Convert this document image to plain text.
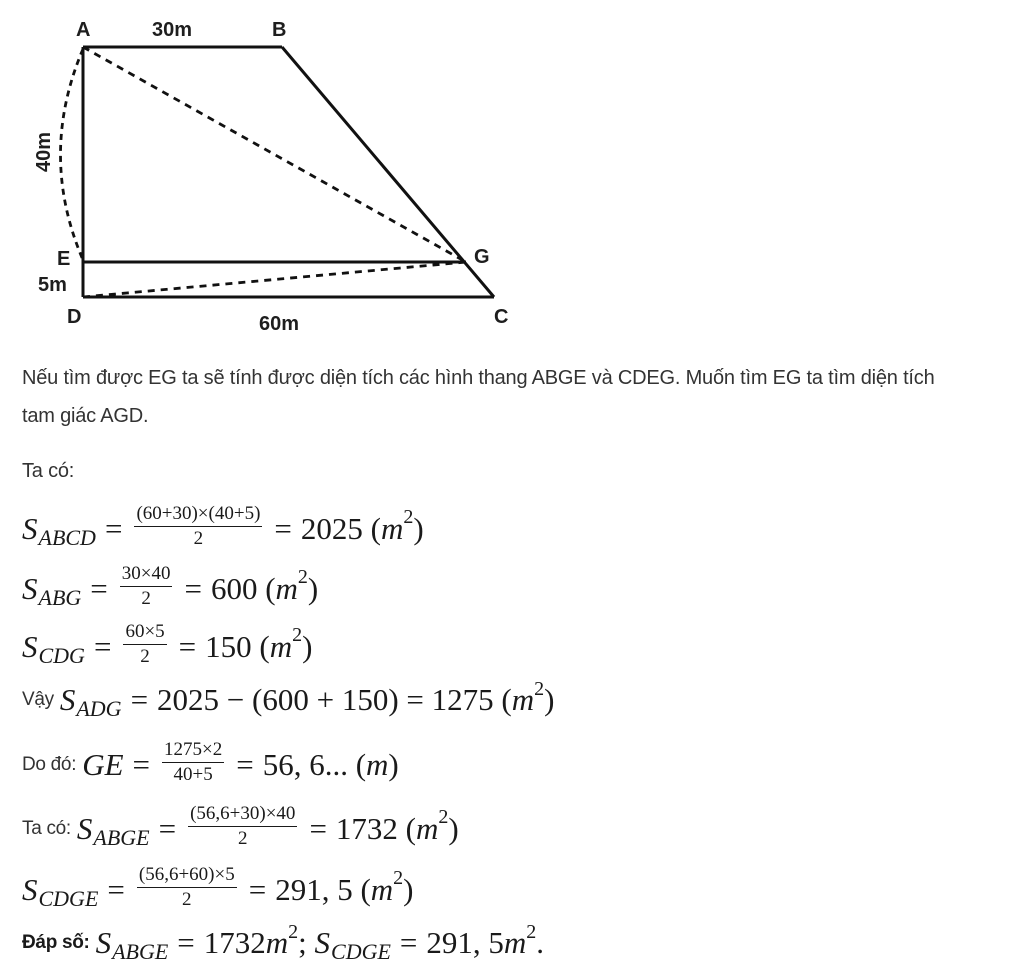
A	B
C
D
E	G
30m
40m
5m
60m
Nếu tìm được EG ta sẽ tính được diện tích các hình thang ABGE và CDEG. Muốn tìm EG ta tìm diện tích
tam giác AGD.
Ta có:
S ABCD = $\frac{(60+30)\times(40+5)}{2} = 2025$ ( m 2 )
S ABG = $\frac{30\times 40}{2} = 600$ ( m 2 )
S CDG = $\frac{60\times 5}{2} = 150$ ( m 2 )
Vậy S ADG = 2025 − (600 + 150) = 1275 ( m 2 )
Do đó: GE = $\frac{1275\times 2}{40+5} = 56$, 6... ( m )
Ta có: S ABGE = $\frac{(56,6+30)\times 40}{2} = 1732$ ( m 2 )
S CDGE = $\frac{(56,6+60)\times 5}{2} = 291$, 5 ( m 2 )
Đáp số: S ABGE = 1732 m 2 ;
S CDGE = 291, 5 m 2 .
